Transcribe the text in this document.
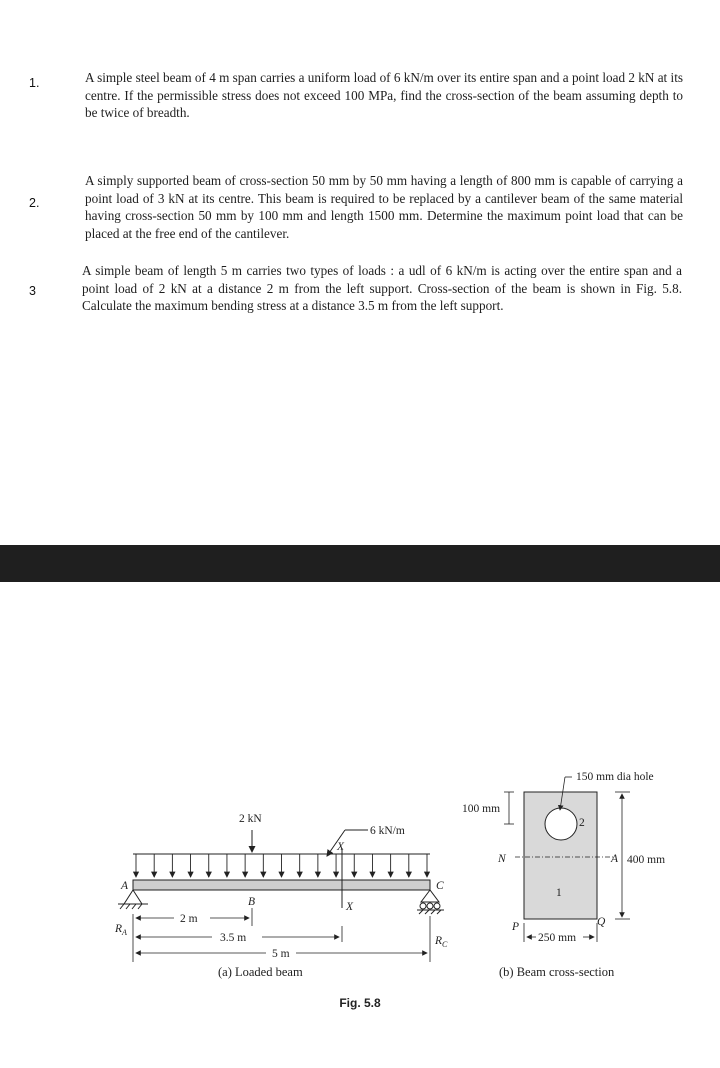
1.	A simple steel beam of 4 m span carries a uniform load of 6 kN/m over its entire span and a point load 2 kN at its centre. If the permissible stress does not exceed 100 MPa, find the cross-section of the beam assuming depth to be twice of breadth.

2.

A simply supported beam of cross-section 50 mm by 50 mm having a length of 800 mm is capable of carrying a point load of 3 kN at its centre. This beam is required to be replaced by a cantilever beam of the same material having cross-section 50 mm by 100 mm and length 1500 mm. Determine the maximum point load that can be placed at the free end of the cantilever.

3

A simple beam of length 5 m carries two types of loads : a udl of 6 kN/m is acting over the entire span and a point load of 2 kN at a distance 2 m from the left support. Cross-section of the beam is shown in Fig. 5.8. Calculate the maximum bending stress at a distance 3.5 m from the left support.

2 kN
6 kN/m
X
X
A
B
C
$R_A$
$R_C$
2 m
3.5 m
5 m
(a) Loaded beam
150 mm dia hole
100 mm
400 mm
250 mm
N	A
1
2
P	Q
(b) Beam cross-section
Fig. 5.8
